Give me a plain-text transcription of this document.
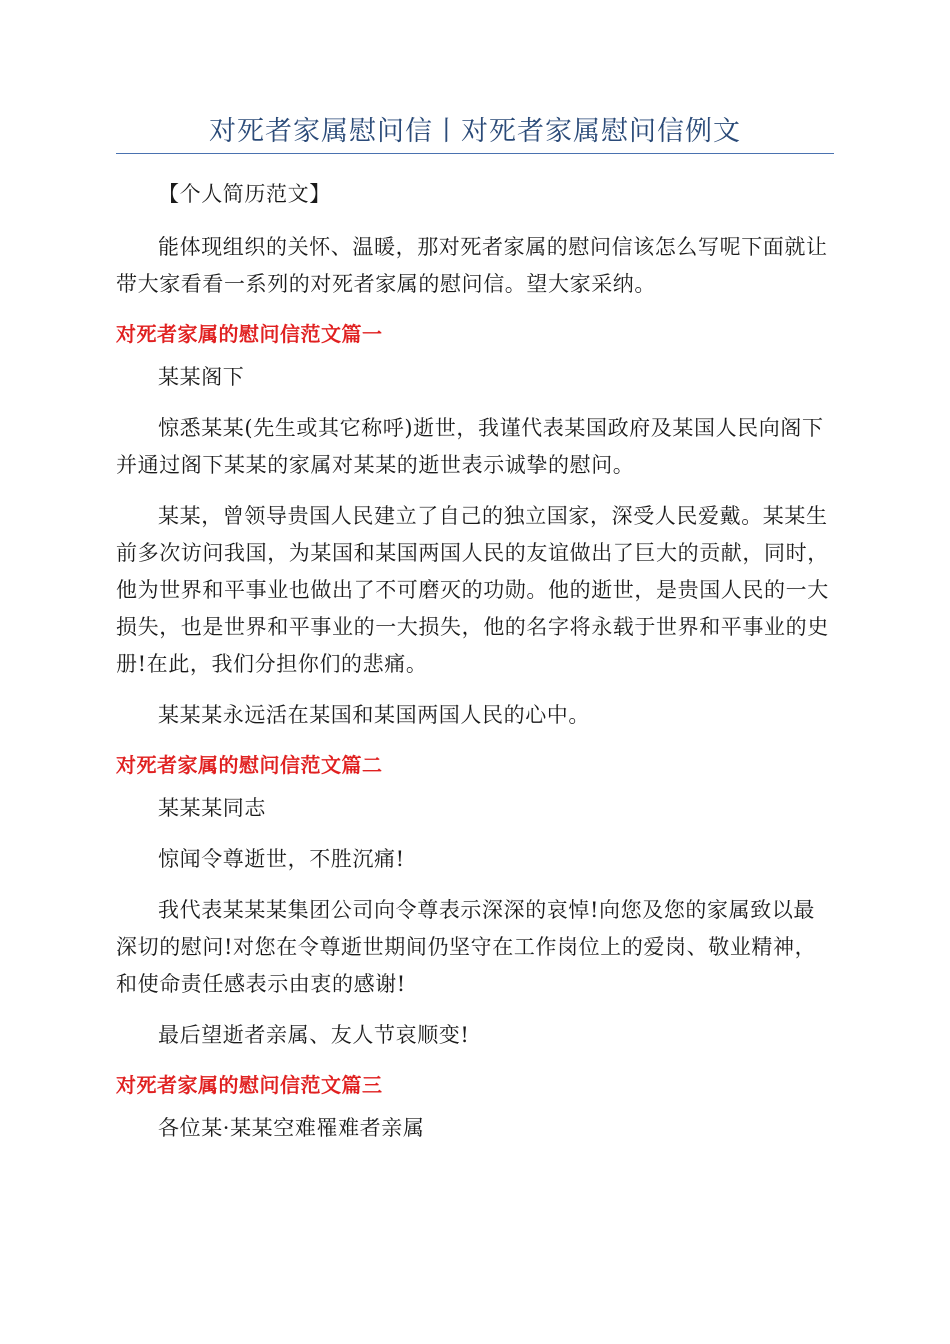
对死者家属慰问信丨对死者家属慰问信例文

【个人简历范文】

能体现组织的关怀、温暖，那对死者家属的慰问信该怎么写呢下面就让带大家看看一系列的对死者家属的慰问信。望大家采纳。

对死者家属的慰问信范文篇一

某某阁下

惊悉某某(先生或其它称呼)逝世，我谨代表某国政府及某国人民向阁下并通过阁下某某的家属对某某的逝世表示诚挚的慰问。

某某，曾领导贵国人民建立了自己的独立国家，深受人民爱戴。某某生前多次访问我国，为某国和某国两国人民的友谊做出了巨大的贡献，同时，他为世界和平事业也做出了不可磨灭的功勋。他的逝世，是贵国人民的一大损失，也是世界和平事业的一大损失，他的名字将永载于世界和平事业的史册!在此，我们分担你们的悲痛。

某某某永远活在某国和某国两国人民的心中。

对死者家属的慰问信范文篇二

某某某同志

惊闻令尊逝世，不胜沉痛!

我代表某某某集团公司向令尊表示深深的哀悼!向您及您的家属致以最深切的慰问!对您在令尊逝世期间仍坚守在工作岗位上的爱岗、敬业精神，和使命责任感表示由衷的感谢!

最后望逝者亲属、友人节哀顺变!

对死者家属的慰问信范文篇三

各位某·某某空难罹难者亲属
